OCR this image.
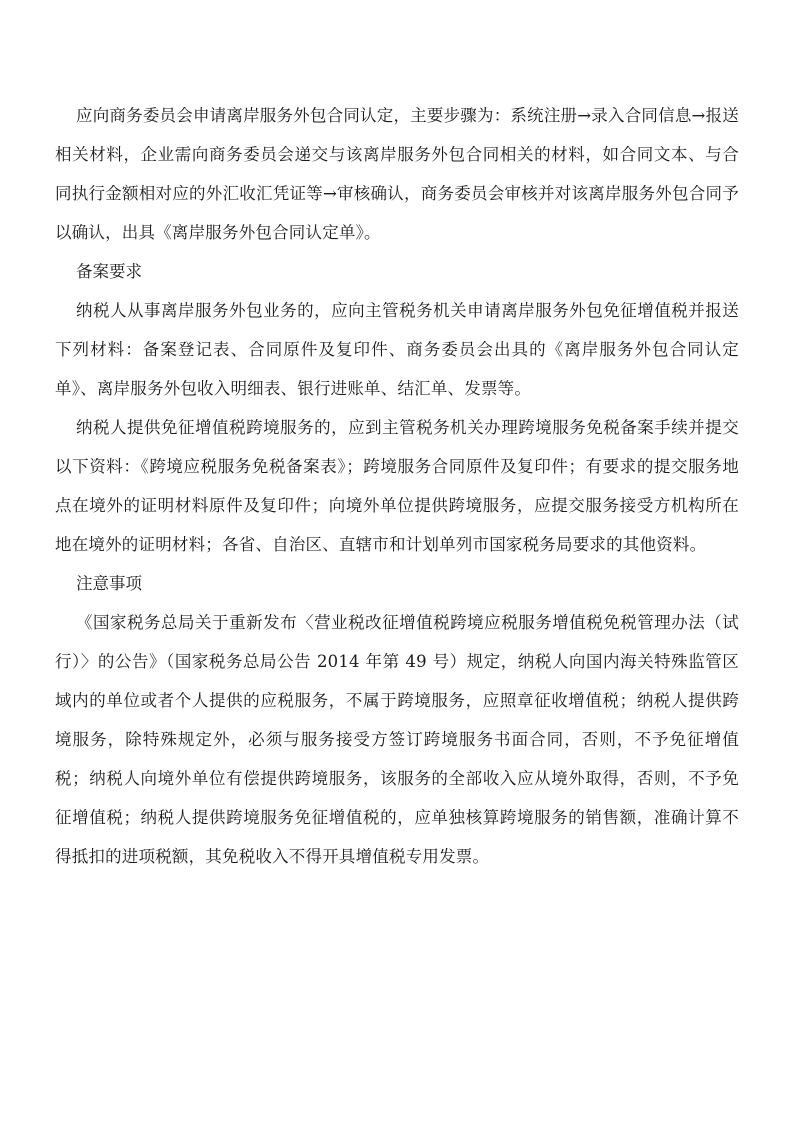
应向商务委员会申请离岸服务外包合同认定，主要步骤为：系统注册→录入合同信息→报送相关材料，企业需向商务委员会递交与该离岸服务外包合同相关的材料，如合同文本、与合同执行金额相对应的外汇收汇凭证等→审核确认，商务委员会审核并对该离岸服务外包合同予以确认，出具《离岸服务外包合同认定单》。

备案要求

纳税人从事离岸服务外包业务的，应向主管税务机关申请离岸服务外包免征增值税并报送下列材料：备案登记表、合同原件及复印件、商务委员会出具的《离岸服务外包合同认定单》、离岸服务外包收入明细表、银行进账单、结汇单、发票等。

纳税人提供免征增值税跨境服务的，应到主管税务机关办理跨境服务免税备案手续并提交以下资料：《跨境应税服务免税备案表》；跨境服务合同原件及复印件；有要求的提交服务地点在境外的证明材料原件及复印件；向境外单位提供跨境服务，应提交服务接受方机构所在地在境外的证明材料；各省、自治区、直辖市和计划单列市国家税务局要求的其他资料。

注意事项

《国家税务总局关于重新发布〈营业税改征增值税跨境应税服务增值税免税管理办法（试行）〉的公告》（国家税务总局公告 2014 年第 49 号）规定，纳税人向国内海关特殊监管区域内的单位或者个人提供的应税服务，不属于跨境服务，应照章征收增值税；纳税人提供跨境服务，除特殊规定外，必须与服务接受方签订跨境服务书面合同，否则，不予免征增值税；纳税人向境外单位有偿提供跨境服务，该服务的全部收入应从境外取得，否则，不予免征增值税；纳税人提供跨境服务免征增值税的，应单独核算跨境服务的销售额，准确计算不得抵扣的进项税额，其免税收入不得开具增值税专用发票。
